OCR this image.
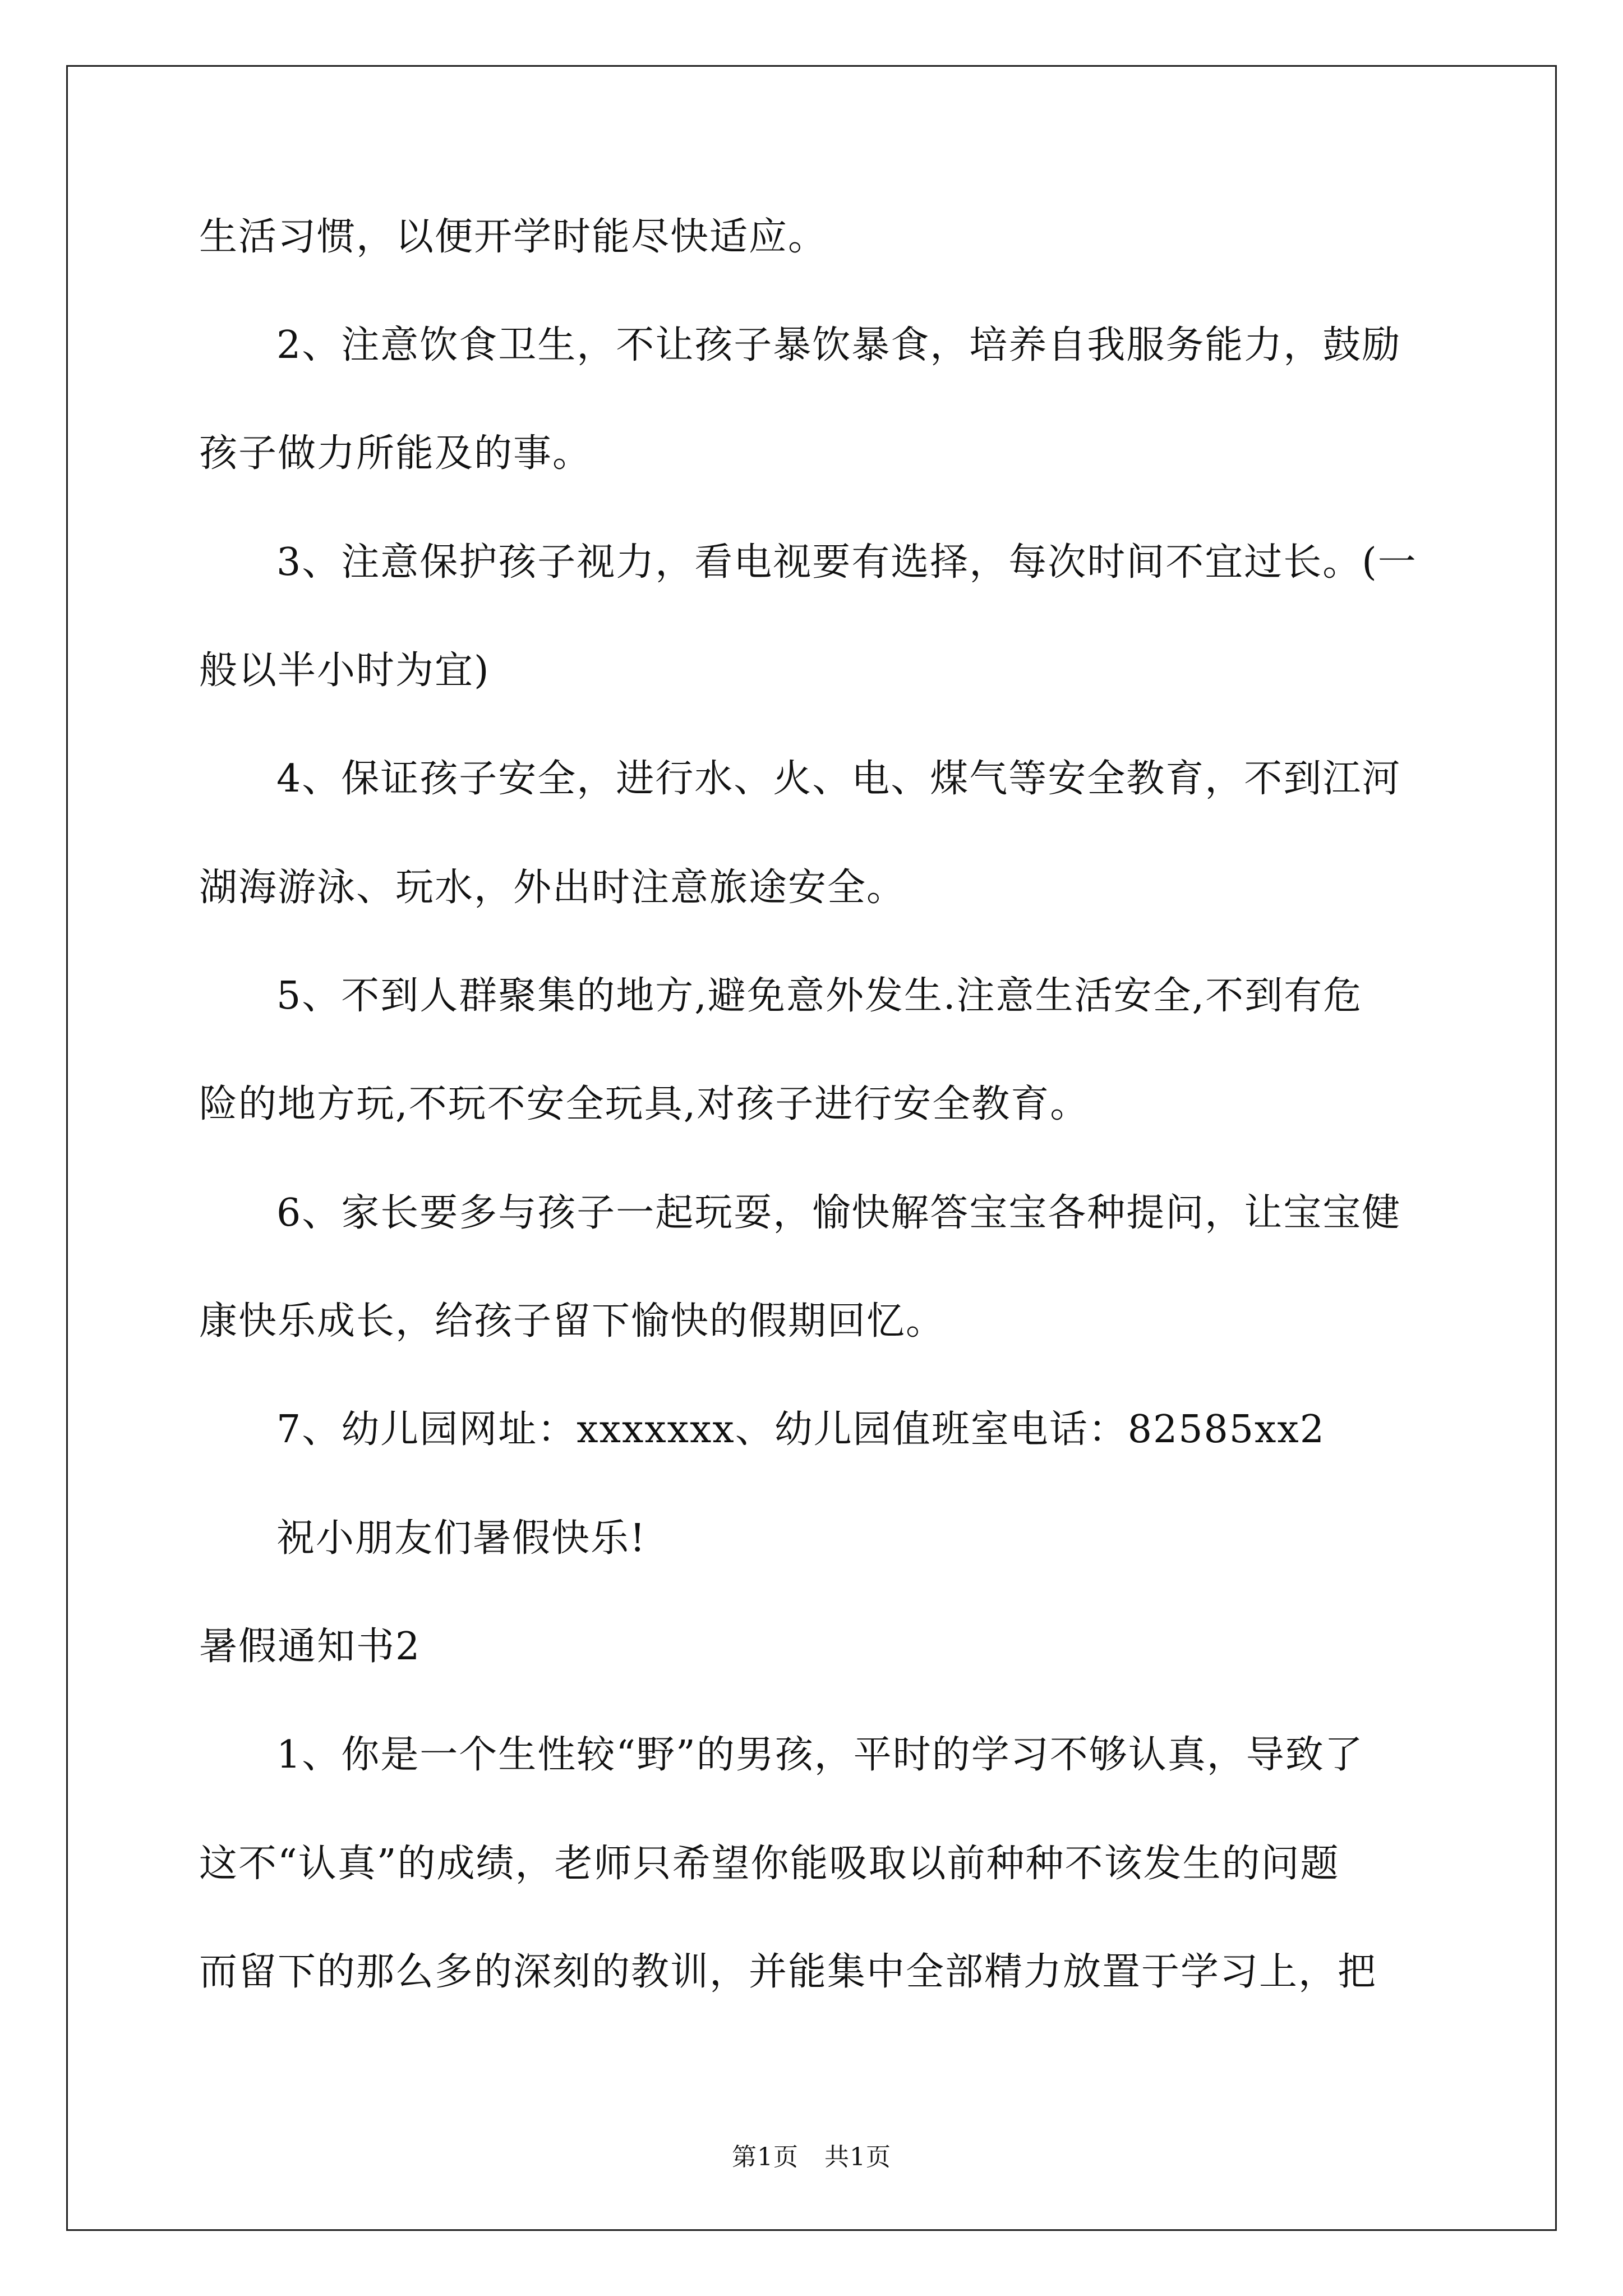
生活习惯，以便开学时能尽快适应。
2、注意饮食卫生，不让孩子暴饮暴食，培养自我服务能力，鼓励
孩子做力所能及的事。
3、注意保护孩子视力，看电视要有选择，每次时间不宜过长。(一
般以半小时为宜)
4、保证孩子安全，进行水、火、电、煤气等安全教育，不到江河
湖海游泳、玩水，外出时注意旅途安全。
5、不到人群聚集的地方,避免意外发生.注意生活安全,不到有危
险的地方玩,不玩不安全玩具,对孩子进行安全教育。
6、家长要多与孩子一起玩耍，愉快解答宝宝各种提问，让宝宝健
康快乐成长，给孩子留下愉快的假期回忆。
7、幼儿园网址：xxxxxxx、幼儿园值班室电话：82585xx2
祝小朋友们暑假快乐!
暑假通知书2
1、你是一个生性较“野”的男孩，平时的学习不够认真，导致了
这不“认真”的成绩，老师只希望你能吸取以前种种不该发生的问题
而留下的那么多的深刻的教训，并能集中全部精力放置于学习上，把
第1页 共1页
